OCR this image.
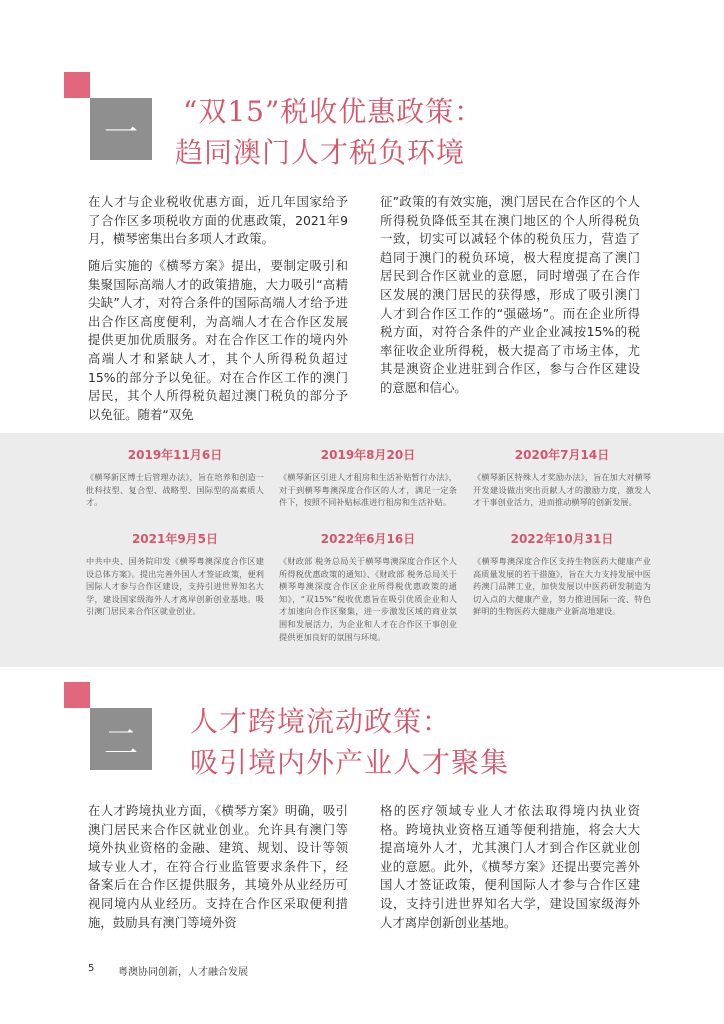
一
“双15”税收优惠政策：
趋同澳门人才税负环境

在人才与企业税收优惠方面，近几年国家给予了合作区多项税收方面的优惠政策，2021年9月，横琴密集出台多项人才政策。

随后实施的《横琴方案》提出，要制定吸引和集聚国际高端人才的政策措施，大力吸引“高精尖缺”人才，对符合条件的国际高端人才给予进出合作区高度便利，为高端人才在合作区发展提供更加优质服务。对在合作区工作的境内外高端人才和紧缺人才，其个人所得税负超过15%的部分予以免征。对在合作区工作的澳门居民，其个人所得税负超过澳门税负的部分予以免征。随着“双免

征”政策的有效实施，澳门居民在合作区的个人所得税负降低至其在澳门地区的个人所得税负一致，切实可以减轻个体的税负压力，营造了趋同于澳门的税负环境，极大程度提高了澳门居民到合作区就业的意愿，同时增强了在合作区发展的澳门居民的获得感，形成了吸引澳门人才到合作区工作的“强磁场”。而在企业所得税方面，对符合条件的产业企业减按15%的税率征收企业所得税，极大提高了市场主体，尤其是澳资企业进驻到合作区，参与合作区建设的意愿和信心。

2019年11月6日

《横琴新区博士后管理办法》，旨在培养和创造一批科技型、复合型、战略型、国际型的高素质人才。

2019年8月20日

《横琴新区引进人才租房和生活补贴暂行办法》，对于到横琴粤澳深度合作区的人才，满足一定条件下，按照不同补贴标准进行租房和生活补贴。

2020年7月14日

《横琴新区特殊人才奖励办法》，旨在加大对横琴开发建设做出突出贡献人才的激励力度，激发人才干事创业活力，进而推动横琴的创新发展。

2021年9月5日

中共中央、国务院印发《横琴粤澳深度合作区建设总体方案》。提出完善外国人才签证政策，便利国际人才参与合作区建设，支持引进世界知名大学，建设国家级海外人才离岸创新创业基地。吸引澳门居民来合作区就业创业。

2022年6月16日

《财政部 税务总局关于横琴粤澳深度合作区个人所得税优惠政策的通知》、《财政部 税务总局关于横琴粤澳深度合作区企业所得税优惠政策的通知》，“双15%”税收优惠旨在吸引优质企业和人才加速向合作区聚集，进一步激发区域的商业氛围和发展活力，为企业和人才在合作区干事创业提供更加良好的氛围与环境。

2022年10月31日

《横琴粤澳深度合作区支持生物医药大健康产业高质量发展的若干措施》，旨在大力支持发展中医药澳门品牌工业，加快发展以中医药研发制造为切入点的大健康产业，努力推进国际一流、特色鲜明的生物医药大健康产业新高地建设。

二
人才跨境流动政策：
吸引境内外产业人才聚集

在人才跨境执业方面，《横琴方案》明确，吸引澳门居民来合作区就业创业。允许具有澳门等境外执业资格的金融、建筑、规划、设计等领域专业人才，在符合行业监管要求条件下，经备案后在合作区提供服务，其境外从业经历可视同境内从业经历。支持在合作区采取便利措施，鼓励具有澳门等境外资

格的医疗领域专业人才依法取得境内执业资格。跨境执业资格互通等便利措施，将会大大提高境外人才，尤其澳门人才到合作区就业创业的意愿。此外，《横琴方案》还提出要完善外国人才签证政策，便利国际人才参与合作区建设，支持引进世界知名大学，建设国家级海外人才离岸创新创业基地。

5 粤澳协同创新，人才融合发展
